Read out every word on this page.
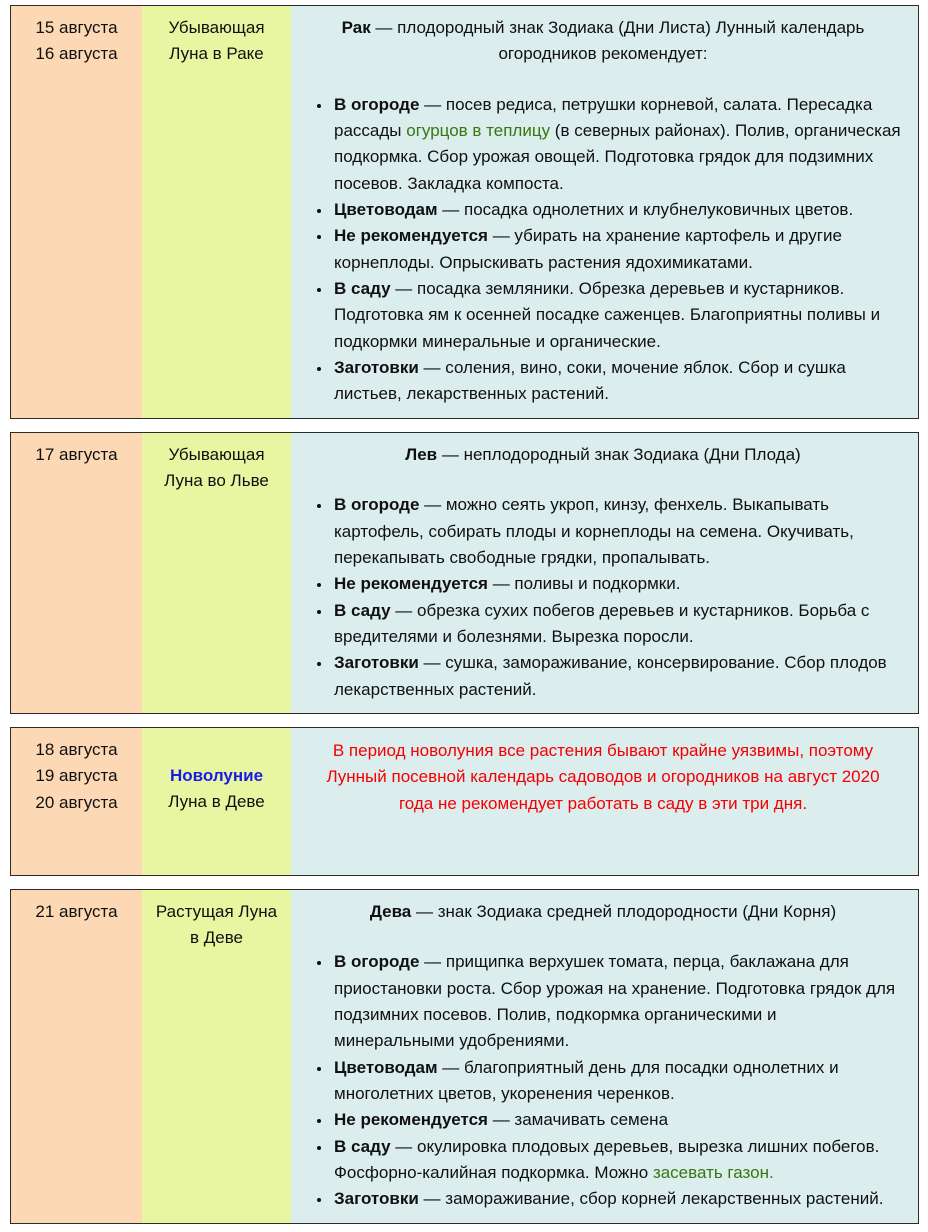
15 августа
16 августа
Убывающая
Луна в Раке
Рак — плодородный знак Зодиака (Дни Листа) Лунный календарь огородников рекомендует:
• В огороде — посев редиса, петрушки корневой, салата. Пересадка рассады огурцов в теплицу (в северных районах). Полив, органическая подкормка. Сбор урожая овощей. Подготовка грядок для подзимних посевов. Закладка компоста.
• Цветоводам — посадка однолетних и клубнелуковичных цветов.
• Не рекомендуется — убирать на хранение картофель и другие корнеплоды. Опрыскивать растения ядохимикатами.
• В саду — посадка земляники. Обрезка деревьев и кустарников. Подготовка ям к осенней посадке саженцев. Благоприятны поливы и подкормки минеральные и органические.
• Заготовки — соления, вино, соки, мочение яблок. Сбор и сушка листьев, лекарственных растений.
17 августа	Убывающая
Луна во Льве
Лев — неплодородный знак Зодиака (Дни Плода)
• В огороде — можно сеять укроп, кинзу, фенхель. Выкапывать картофель, собирать плоды и корнеплоды на семена. Окучивать, перекапывать свободные грядки, пропалывать.
• Не рекомендуется — поливы и подкормки.
• В саду — обрезка сухих побегов деревьев и кустарников. Борьба с вредителями и болезнями. Вырезка поросли.
• Заготовки — сушка, замораживание, консервирование. Сбор плодов лекарственных растений.
18 августа
19 августа
20 августа
Новолуние
Луна в Деве
В период новолуния все растения бывают крайне уязвимы, поэтому Лунный посевной календарь садоводов и огородников на август 2020 года не рекомендует работать в саду в эти три дня.
21 августа	Растущая Луна
в Деве
Дева — знак Зодиака средней плодородности (Дни Корня)
• В огороде — прищипка верхушек томата, перца, баклажана для приостановки роста. Сбор урожая на хранение. Подготовка грядок для подзимних посевов. Полив, подкормка органическими и минеральными удобрениями.
• Цветоводам — благоприятный день для посадки однолетних и многолетних цветов, укоренения черенков.
• Не рекомендуется — замачивать семена
• В саду — окулировка плодовых деревьев, вырезка лишних побегов. Фосфорно-калийная подкормка. Можно засевать газон.
• Заготовки — замораживание, сбор корней лекарственных растений.
